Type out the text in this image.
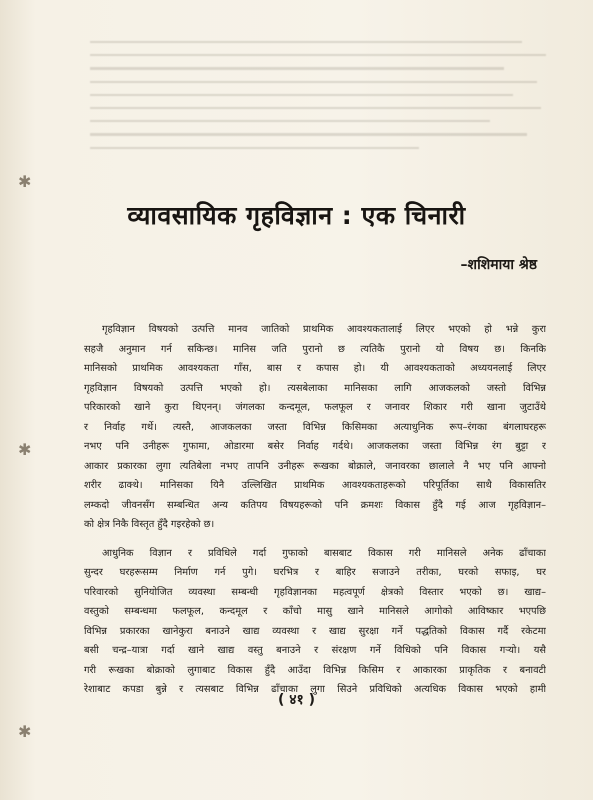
✱
✱
✱
व्यावसायिक गृहविज्ञान : एक चिनारी
–शशिमाया श्रेष्ठ
गृहविज्ञान विषयको उत्पत्ति मानव जातिको प्राथमिक आवश्यकतालाई लिएर भएको हो भन्ने कुरा
सहजै अनुमान गर्न सकिन्छ। मानिस जति पुरानो छ त्यतिकै पुरानो यो विषय छ। किनकि
मानिसको प्राथमिक आवश्यकता गाँस, बास र कपास हो। यी आवश्यकताको अध्ययनलाई लिएर
गृहविज्ञान विषयको उत्पत्ति भएको हो। त्यसबेलाका मानिसका लागि आजकलको जस्तो विभिन्न
परिकारको खाने कुरा थिएनन्। जंगलका कन्दमूल, फलफूल र जनावर शिकार गरी खाना जुटाउँथे
र निर्वाह गर्थे। त्यस्तै, आजकलका जस्ता विभिन्न किसिमका अत्याधुनिक रूप–रंगका बंगलाघरहरू
नभए पनि उनीहरू गुफामा, ओडारमा बसेर निर्वाह गर्दथे। आजकलका जस्ता विभिन्न रंग बुट्टा र
आकार प्रकारका लुगा त्यतिबेला नभए तापनि उनीहरू रूखका बोक्राले, जनावरका छालाले नै भए पनि आफ्नो
शरीर ढाक्थे। मानिसका यिनै उल्लिखित प्राथमिक आवश्यकताहरूको परिपूर्तिका साथै विकासतिर
लम्कदो जीवनसँग सम्बन्धित अन्य कतिपय विषयहरूको पनि क्रमशः विकास हुँदै गई आज गृहविज्ञान–
को क्षेत्र निकै विस्तृत हुँदै गइरहेको छ।
आधुनिक विज्ञान र प्रविधिले गर्दा गुफाको बासबाट विकास गरी मानिसले अनेक ढाँचाका
सुन्दर घरहरूसम्म निर्माण गर्न पुगे। घरभित्र र बाहिर सजाउने तरीका, घरको सफाइ, घर
परिवारको सुनियोजित व्यवस्था सम्बन्धी गृहविज्ञानका महत्वपूर्ण क्षेत्रको विस्तार भएको छ। खाद्य–
वस्तुको सम्बन्धमा फलफूल, कन्दमूल र काँचो मासु खाने मानिसले आगोको आविष्कार भएपछि
विभिन्न प्रकारका खानेकुरा बनाउने खाद्य व्यवस्था र खाद्य सुरक्षा गर्ने पद्धतिको विकास गर्दै रकेटमा
बसी चन्द्र–यात्रा गर्दा खाने खाद्य वस्तु बनाउने र संरक्षण गर्ने विधिको पनि विकास गऱ्यो। यसै
गरी रूखका बोक्राको लुगाबाट विकास हुँदै आउँदा विभिन्न किसिम र आकारका प्राकृतिक र बनावटी
रेशाबाट कपडा बुन्ने र त्यसबाट विभिन्न ढाँचाका लुगा सिउने प्रविधिको अत्यधिक विकास भएको हामी
( ४१ )
